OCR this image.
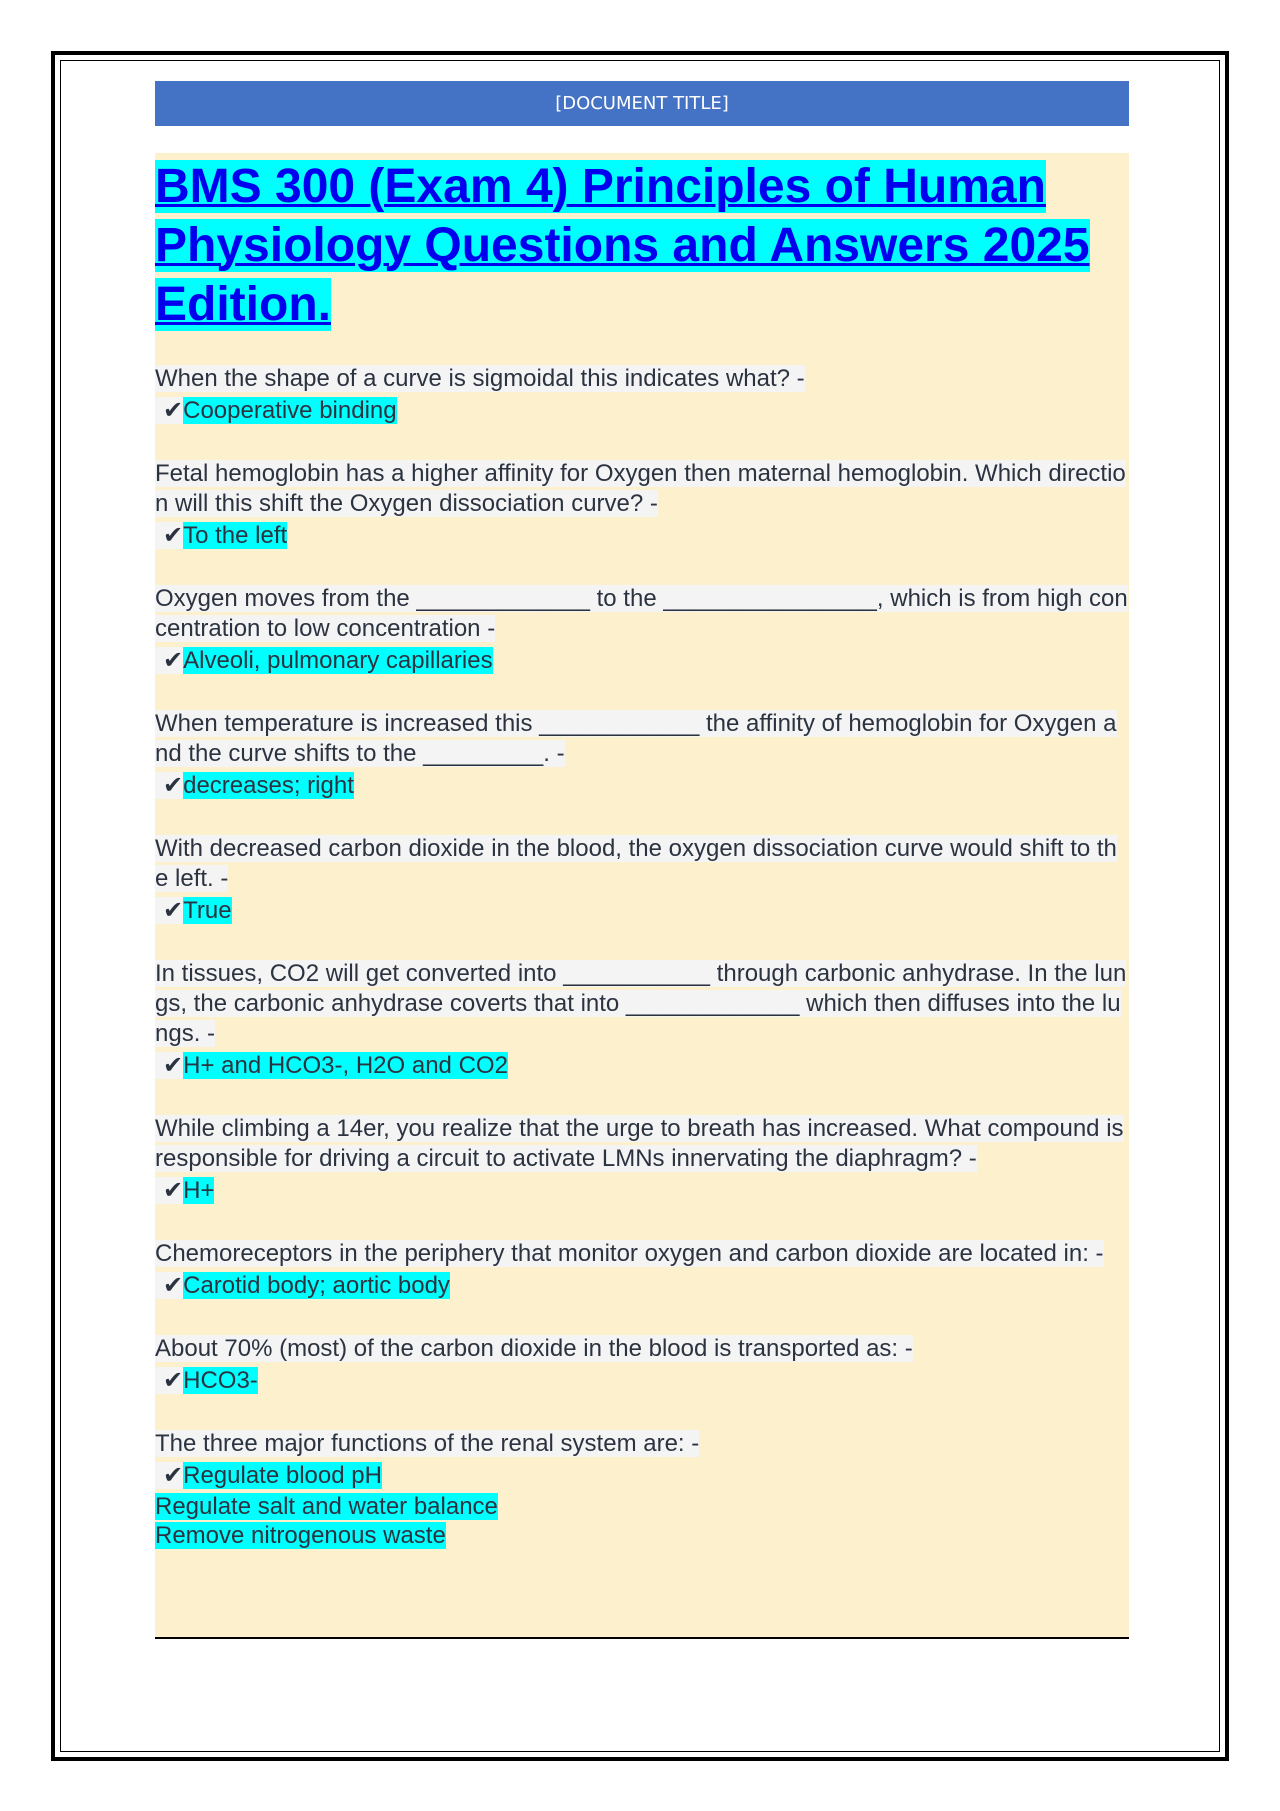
[DOCUMENT TITLE]
BMS 300 (Exam 4) Principles of Human Physiology Questions and Answers 2025 Edition.

When the shape of a curve is sigmoidal this indicates what? -

✔Cooperative binding

Fetal hemoglobin has a higher affinity for Oxygen then maternal hemoglobin. Which direction will this shift the Oxygen dissociation curve? -

✔To the left

Oxygen moves from the _____________ to the ________________, which is from high concentration to low concentration -

✔Alveoli, pulmonary capillaries

When temperature is increased this ____________ the affinity of hemoglobin for Oxygen and the curve shifts to the _________. -

✔decreases; right

With decreased carbon dioxide in the blood, the oxygen dissociation curve would shift to the left. -

✔True

In tissues, CO2 will get converted into ___________ through carbonic anhydrase. In the lungs, the carbonic anhydrase coverts that into _____________ which then diffuses into the lungs. -

✔H+ and HCO3-, H2O and CO2

While climbing a 14er, you realize that the urge to breath has increased. What compound is responsible for driving a circuit to activate LMNs innervating the diaphragm? -

✔H+

Chemoreceptors in the periphery that monitor oxygen and carbon dioxide are located in: -

✔Carotid body; aortic body

About 70% (most) of the carbon dioxide in the blood is transported as: -

✔HCO3-

The three major functions of the renal system are: -

✔Regulate blood pH

Regulate salt and water balance

Remove nitrogenous waste
